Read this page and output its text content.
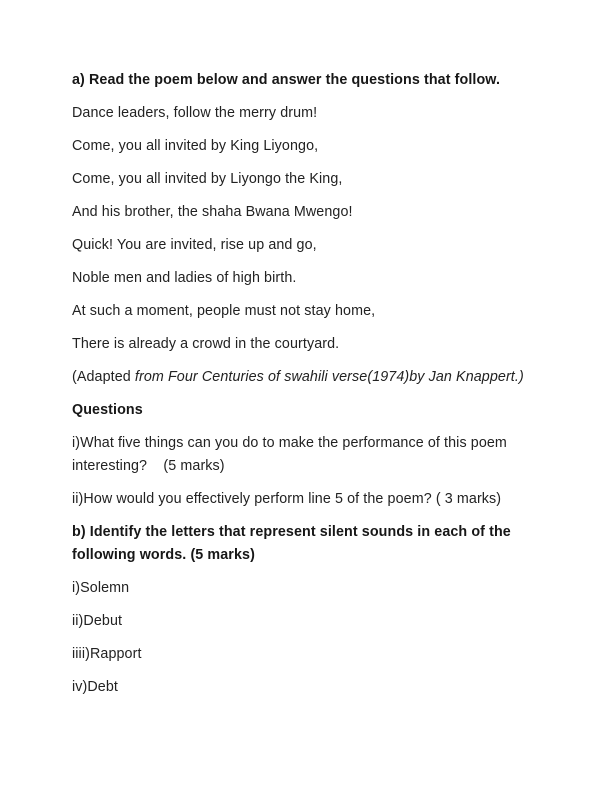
a) Read the poem below and answer the questions that follow.
Dance leaders, follow the merry drum!
Come, you all invited by King Liyongo,
Come, you all invited by Liyongo the King,
And his brother, the shaha Bwana Mwengo!
Quick! You are invited, rise up and go,
Noble men and ladies of high birth.
At such a moment, people must not stay home,
There is already a crowd in the courtyard.
(Adapted from Four Centuries of swahili verse(1974)by Jan Knappert.)
Questions
i)What five things can you do to make the performance of this poem
interesting?    (5 marks)
ii)How would you effectively perform line 5 of the poem? ( 3 marks)
b) Identify the letters that represent silent sounds in each of the
following words. (5 marks)
i)Solemn
ii)Debut
iiii)Rapport
iv)Debt
